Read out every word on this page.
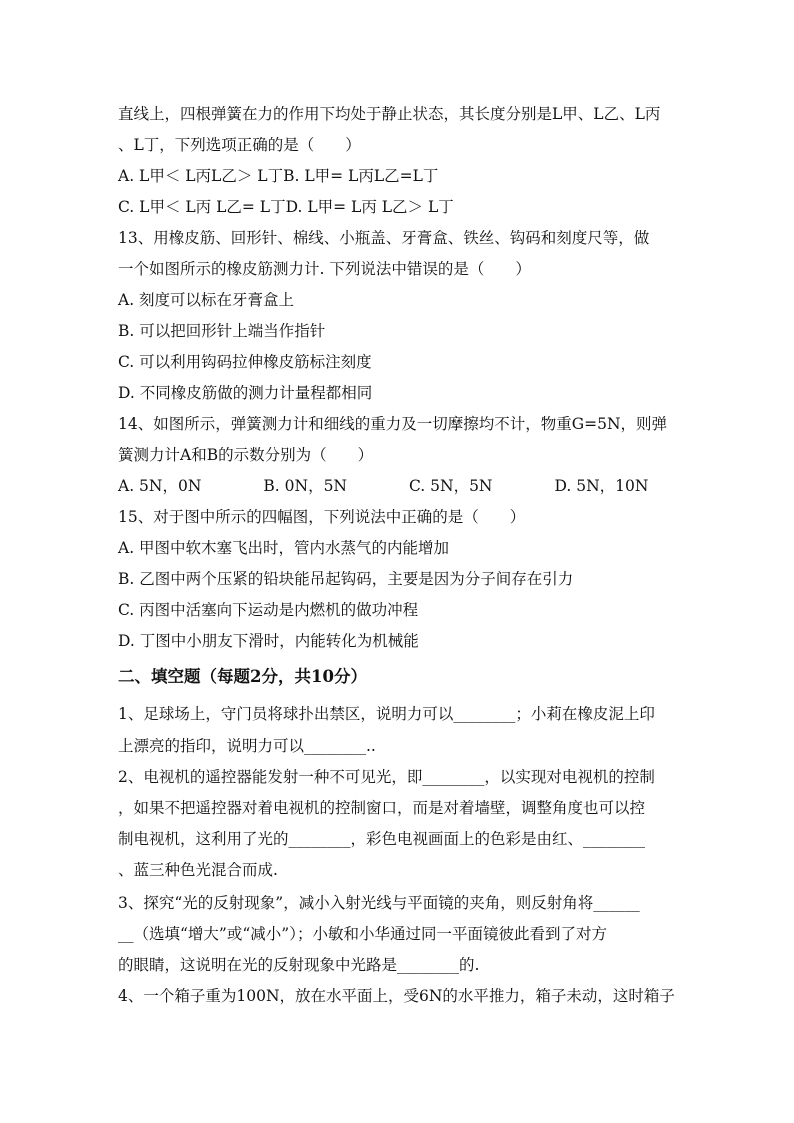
直线上，四根弹簧在力的作用下均处于静止状态，其长度分别是L甲、L乙、L丙
、L丁，下列选项正确的是（　　）
A. L甲＜ L丙L乙＞ L丁B. L甲= L丙L乙=L丁
C. L甲＜ L丙 L乙= L丁D. L甲= L丙 L乙＞ L丁
13、用橡皮筋、回形针、棉线、小瓶盖、牙膏盒、铁丝、钩码和刻度尺等，做
一个如图所示的橡皮筋测力计. 下列说法中错误的是（　　）
A. 刻度可以标在牙膏盒上
B. 可以把回形针上端当作指针
C. 可以利用钩码拉伸橡皮筋标注刻度
D. 不同橡皮筋做的测力计量程都相同
14、如图所示，弹簧测力计和细线的重力及一切摩擦均不计，物重G=5N，则弹
簧测力计A和B的示数分别为（　　）
A. 5N，0N　　　　B. 0N，5N　　　　C. 5N，5N　　　　D. 5N，10N
15、对于图中所示的四幅图，下列说法中正确的是（　　）
A. 甲图中软木塞飞出时，管内水蒸气的内能增加
B. 乙图中两个压紧的铅块能吊起钩码，主要是因为分子间存在引力
C. 丙图中活塞向下运动是内燃机的做功冲程
D. 丁图中小朋友下滑时，内能转化为机械能
二、填空题（每题2分，共10分）
1、足球场上，守门员将球扑出禁区，说明力可以________；小莉在橡皮泥上印
上漂亮的指印，说明力可以________..
2、电视机的遥控器能发射一种不可见光，即________，以实现对电视机的控制
，如果不把遥控器对着电视机的控制窗口，而是对着墙壁，调整角度也可以控
制电视机，这利用了光的________，彩色电视画面上的色彩是由红、________
、蓝三种色光混合而成.
3、探究“光的反射现象”，减小入射光线与平面镜的夹角，则反射角将______
__（选填“增大”或“减小”）；小敏和小华通过同一平面镜彼此看到了对方
的眼睛，这说明在光的反射现象中光路是________的.
4、一个箱子重为100N，放在水平面上，受6N的水平推力，箱子未动，这时箱子
